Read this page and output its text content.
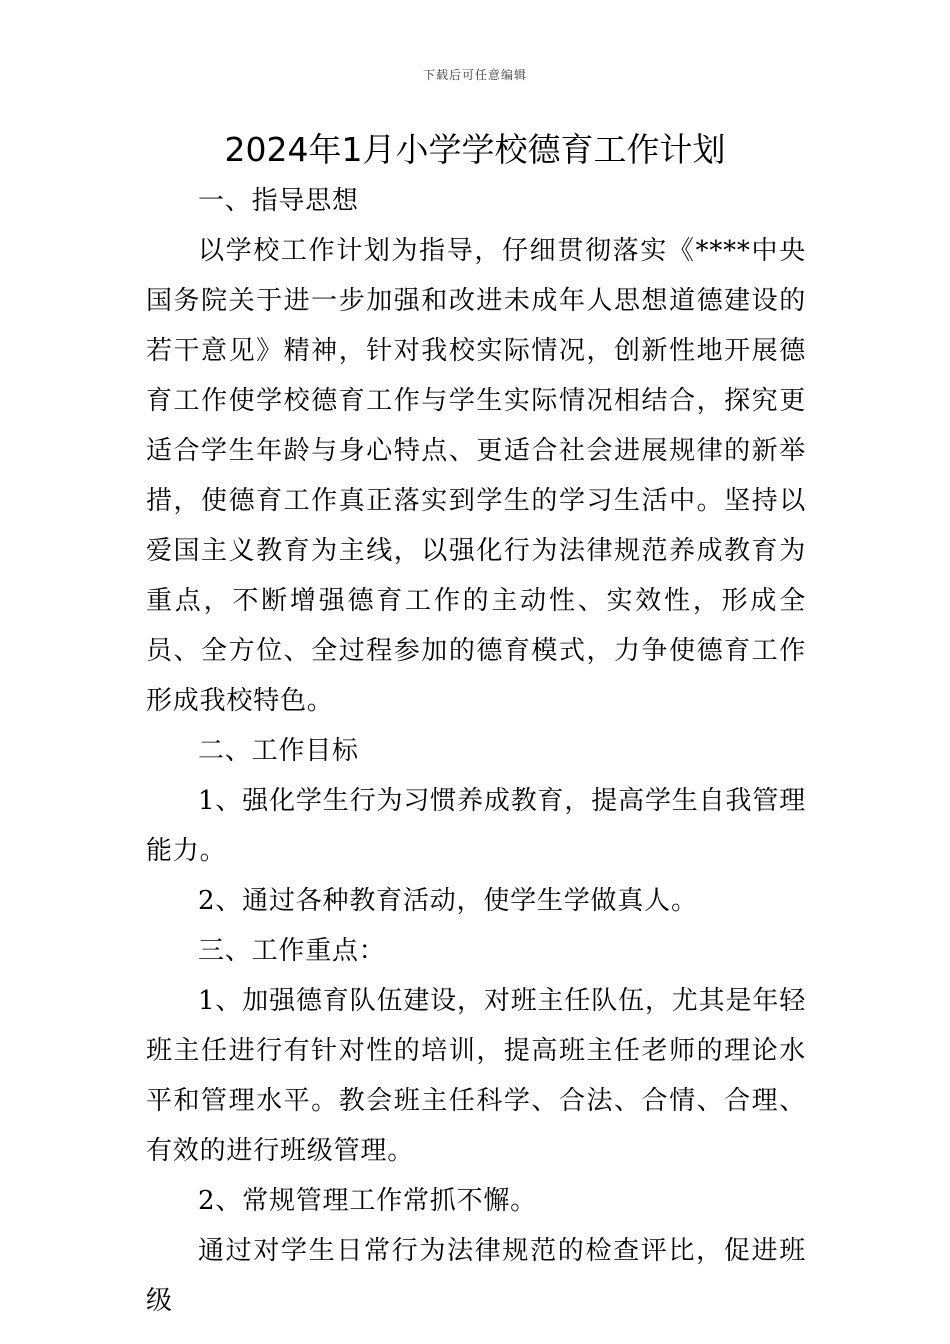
下载后可任意编辑
2024年1月小学学校德育工作计划

一、指导思想

以学校工作计划为指导，仔细贯彻落实《****中央国务院关于进一步加强和改进未成年人思想道德建设的若干意见》精神，针对我校实际情况，创新性地开展德育工作使学校德育工作与学生实际情况相结合，探究更适合学生年龄与身心特点、更适合社会进展规律的新举措，使德育工作真正落实到学生的学习生活中。坚持以爱国主义教育为主线，以强化行为法律规范养成教育为重点，不断增强德育工作的主动性、实效性，形成全员、全方位、全过程参加的德育模式，力争使德育工作形成我校特色。

二、工作目标

1、强化学生行为习惯养成教育，提高学生自我管理能力。

2、通过各种教育活动，使学生学做真人。

三、工作重点：

1、加强德育队伍建设，对班主任队伍，尤其是年轻班主任进行有针对性的培训，提高班主任老师的理论水平和管理水平。教会班主任科学、合法、合情、合理、有效的进行班级管理。

2、常规管理工作常抓不懈。

通过对学生日常行为法律规范的检查评比，促进班级
